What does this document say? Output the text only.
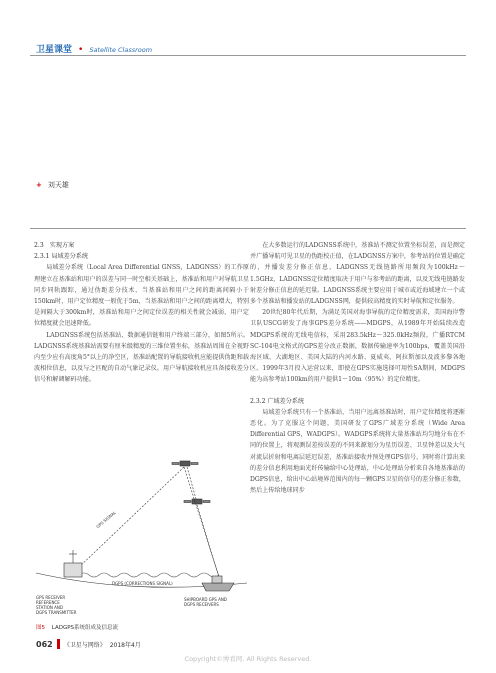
卫星课堂 • Satellite Classroom
+ 刘天雄
2.3　实现方案
2.3.1 局域差分系统

局域差分系统（Local Area Differential GNSS，LADGNSS）的工作原理建立在基准站和用户的误差与同一时空相关基础上，基准站和用户对导航卫星同步同轨跟踪，通过伪距差分技术，当基准站和用户之间的距离间隔小于150km时，用户定位精度一般优于5m，当基准站和用户之间的距离增大，特别是间隔大于300km时，基准站和用户之间定位误差的相关性就会减弱，用户定位精度就会迅速降低。

LADGNSS系统包括基准站、数据通信链和用户终端三部分，如图5所示。LADGNSS系统基准站需要有厘米级精度的三维位置坐标，基准站周围在全视野内至少应有高度角5°以上的净空区，基准站配置的导航接收机应能提供伪距和载波相位信息，以及与之匹配的自动气象记录仪。用户导航接收机应具备接收差分信号和解调解码功能。

在大多数运行的LADGNSS系统中，基准站不测定位置坐标误差，而是测定并广播导航可见卫星的伪距校正值，在LADGNSS方案中，参考站的位置是确定的，并播发差分修正信息，LADGNSS无线链路所用频段为100kHz～1.5GHz，LADGNSS定位精度取决于用户与参考站的距离，以及无线电链路发射差分修正信息的延迟量。LADGNSS系统主要应用于城市或近海域建立一个或多个基准站和播发站的LADGNSS网，提供较高精度的实时导航和定位服务。

20世纪80年代后期，为满足美国对海事导航的定位精度需求，美国海岸警卫队USCG研发了海事GPS差分系统——MDGPS，从1989年开始陆续改造MDGPS系统的无线电信标，采用283.5kHz～325.0kHz频段，广播RTCM SC-104电文格式的GPS差分改正数据，数据传输速率为100bps，覆盖美国沿海区域、大湖地区、美国大陆的内河水路、夏威夷、阿拉斯加以及波多黎各地区。1999年3月投入运营以来，即使在GPS实施选择可用性SA期间，MDGPS能为高参考站100km的用户提供1～10m（95%）的定位精度。

2.3.2 广域差分系统

局域差分系统只有一个基准站，当用户远离基准站时，用户定位精度将逐渐恶化。为了克服这个问题，美国研发了GPS广域差分系统（Wide Area Differential GPS，WADGPS）。WADGPS系统将大量基准站均匀地分布在不同的位置上，将观测误差按误差的不同来源划分为星历误差、卫星钟差以及大气对流层折射和电离层延迟误差，基准站接收并预处理GPS信号，同时将计算出来的差分信息利用地面光纤传输给中心处理站，中心处理站分析来自各地基准站的DGPS信息，给出中心站境界范围内的每一颗GPS卫星的信号的差分修正参数，然后上传给地球同步

GPS SIGNAL
GPS RECEIVER
REFERENCE
STATION AND
DGPS TRANSMITTER
DGPS (CORRECTIONS SIGNAL)
SHIPBOARD GPS AND
DGPS RECEIVERS
图5 LADGPS系统组成及信息流
062 《卫星与网络》 2018年4月
Copyright©博看网. All Rights Reserved.
